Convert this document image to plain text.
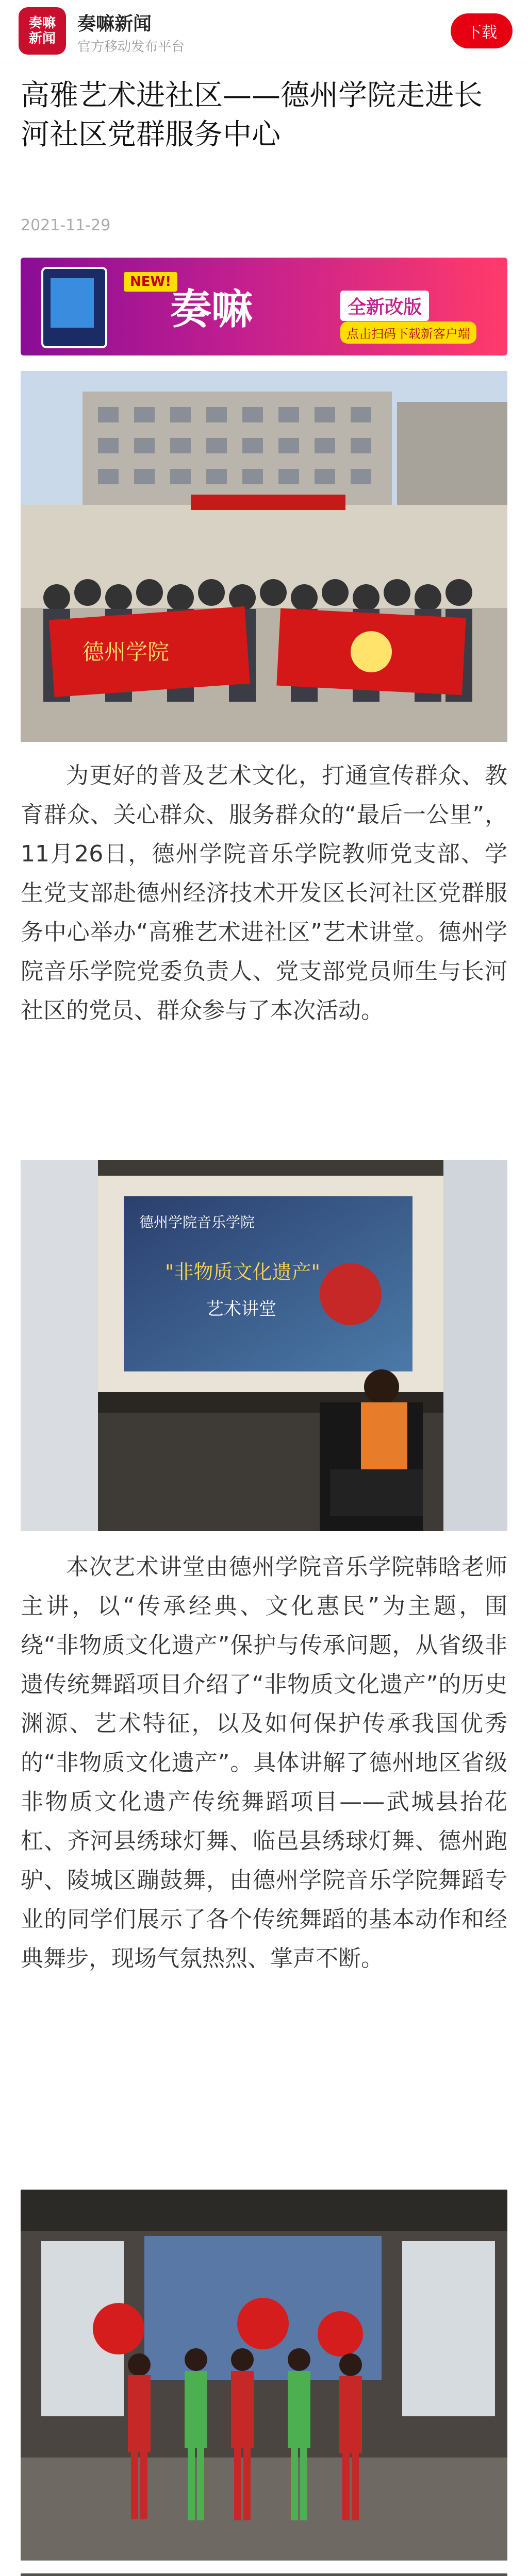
奏嘛
新闻
奏嘛新闻
官方移动发布平台
下载
高雅艺术进社区——德州学院走进长河社区党群服务中心
2021-11-29
NEW!
奏嘛	全新改版
点击扫码下载新客户端
德州学院

为更好的普及艺术文化，打通宣传群众、教育群众、关心群众、服务群众的“最后一公里”，11月26日，德州学院音乐学院教师党支部、学生党支部赴德州经济技术开发区长河社区党群服务中心举办“高雅艺术进社区”艺术讲堂。德州学院音乐学院党委负责人、党支部党员师生与长河社区的党员、群众参与了本次活动。

德州学院音乐学院
"非物质文化遗产"
艺术讲堂

本次艺术讲堂由德州学院音乐学院韩晗老师主讲，以“传承经典、文化惠民”为主题，围绕“非物质文化遗产”保护与传承问题，从省级非遗传统舞蹈项目介绍了“非物质文化遗产”的历史渊源、艺术特征，以及如何保护传承我国优秀的“非物质文化遗产”。具体讲解了德州地区省级非物质文化遗产传统舞蹈项目——武城县抬花杠、齐河县绣球灯舞、临邑县绣球灯舞、德州跑驴、陵城区蹦鼓舞，由德州学院音乐学院舞蹈专业的同学们展示了各个传统舞蹈的基本动作和经典舞步，现场气氛热烈、掌声不断。
